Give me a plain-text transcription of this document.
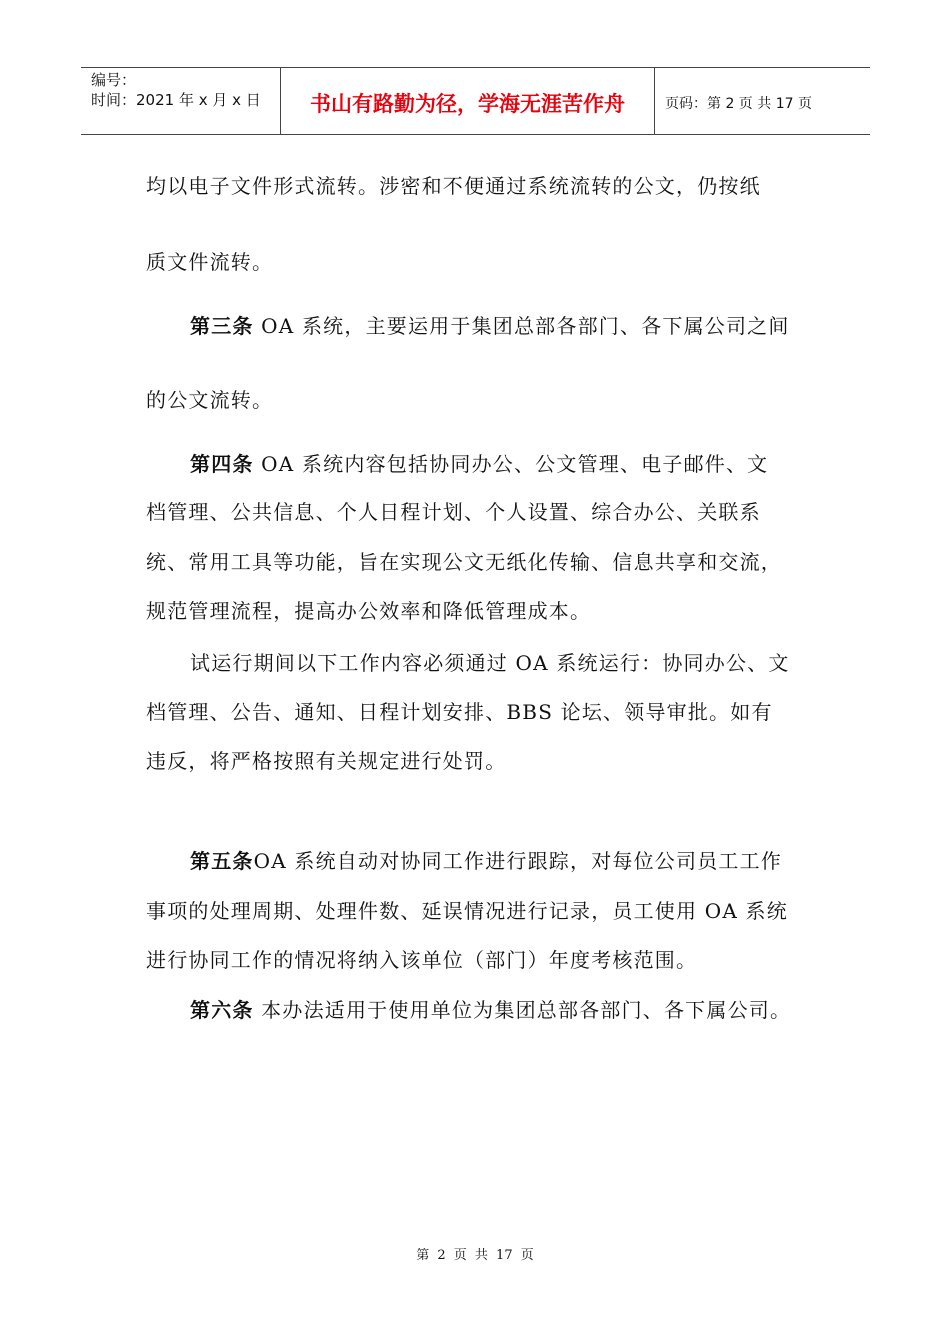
编号：
时间：2021 年 x 月 x 日	书山有路勤为径，学海无涯苦作舟	页码：第 2 页 共 17 页
均以电子文件形式流转。涉密和不便通过系统流转的公文，仍按纸
质文件流转。
第三条 OA 系统，主要运用于集团总部各部门、各下属公司之间
的公文流转。
第四条 OA 系统内容包括协同办公、公文管理、电子邮件、文
档管理、公共信息、个人日程计划、个人设置、综合办公、关联系
统、常用工具等功能，旨在实现公文无纸化传输、信息共享和交流，
规范管理流程，提高办公效率和降低管理成本。
试运行期间以下工作内容必须通过 OA 系统运行：协同办公、文
档管理、公告、通知、日程计划安排、BBS 论坛、领导审批。如有
违反，将严格按照有关规定进行处罚。
第五条OA 系统自动对协同工作进行跟踪，对每位公司员工工作
事项的处理周期、处理件数、延误情况进行记录，员工使用 OA 系统
进行协同工作的情况将纳入该单位（部门）年度考核范围。
第六条 本办法适用于使用单位为集团总部各部门、各下属公司。
第 2 页 共 17 页
